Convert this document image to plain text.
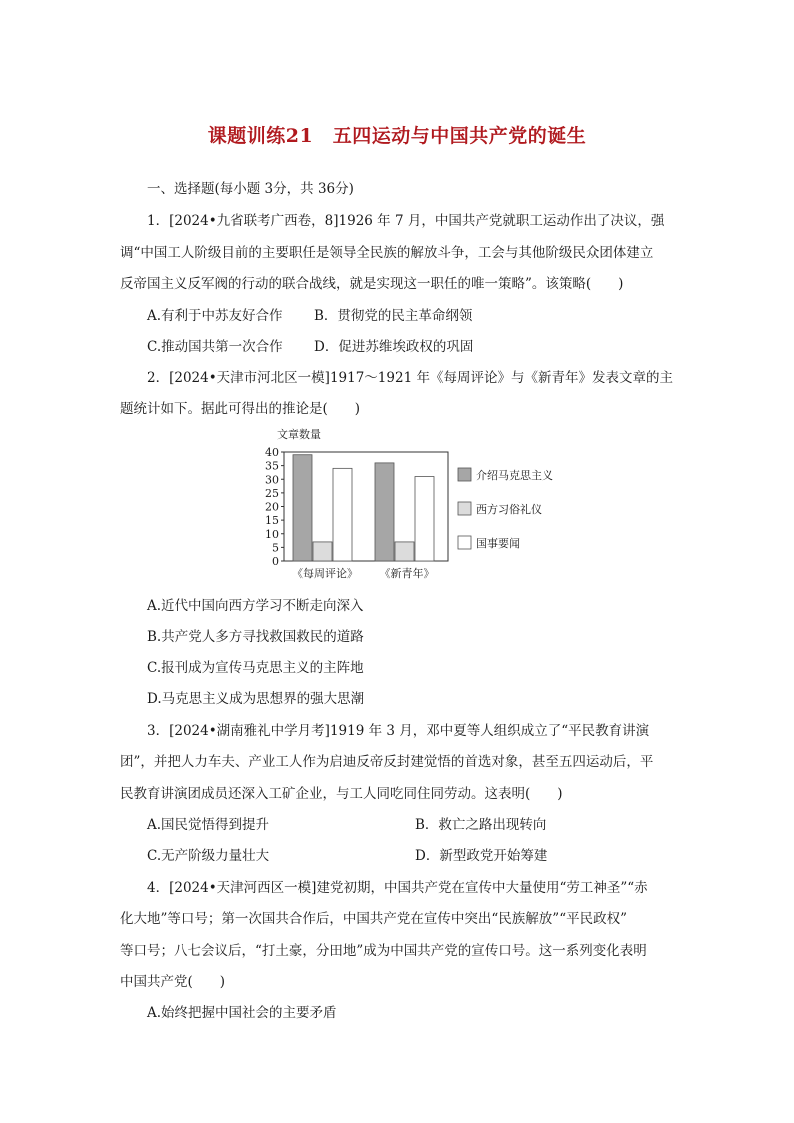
课题训练21　五四运动与中国共产党的诞生
一、选择题(每小题 3分，共 36分)
1．[2024•九省联考广西卷，8]1926 年 7 月，中国共产党就职工运动作出了决议，强
调“中国工人阶级目前的主要职任是领导全民族的解放斗争，工会与其他阶级民众团体建立
反帝国主义反军阀的行动的联合战线，就是实现这一职任的唯一策略”。该策略(　　)
A.有利于中苏友好合作 B．贯彻党的民主革命纲领
C.推动国共第一次合作 D．促进苏维埃政权的巩固
2．[2024•天津市河北区一模]1917～1921 年《每周评论》与《新青年》发表文章的主
题统计如下。据此可得出的推论是(　　)
文章数量
0
5
10
15
20
25
30
35
40
《每周评论》 《新青年》
介绍马克思主义
西方习俗礼仪
国事要闻
A.近代中国向西方学习不断走向深入
B.共产党人多方寻找救国救民的道路
C.报刊成为宣传马克思主义的主阵地
D.马克思主义成为思想界的强大思潮
3．[2024•湖南雅礼中学月考]1919 年 3 月，邓中夏等人组织成立了“平民教育讲演
团”，并把人力车夫、产业工人作为启迪反帝反封建觉悟的首选对象，甚至五四运动后，平
民教育讲演团成员还深入工矿企业，与工人同吃同住同劳动。这表明(　　)
A.国民觉悟得到提升	B．救亡之路出现转向
C.无产阶级力量壮大	D．新型政党开始筹建
4．[2024•天津河西区一模]建党初期，中国共产党在宣传中大量使用“劳工神圣”“赤
化大地”等口号；第一次国共合作后，中国共产党在宣传中突出“民族解放”“平民政权”
等口号；八七会议后，“打土豪，分田地”成为中国共产党的宣传口号。这一系列变化表明
中国共产党(　　)
A.始终把握中国社会的主要矛盾
